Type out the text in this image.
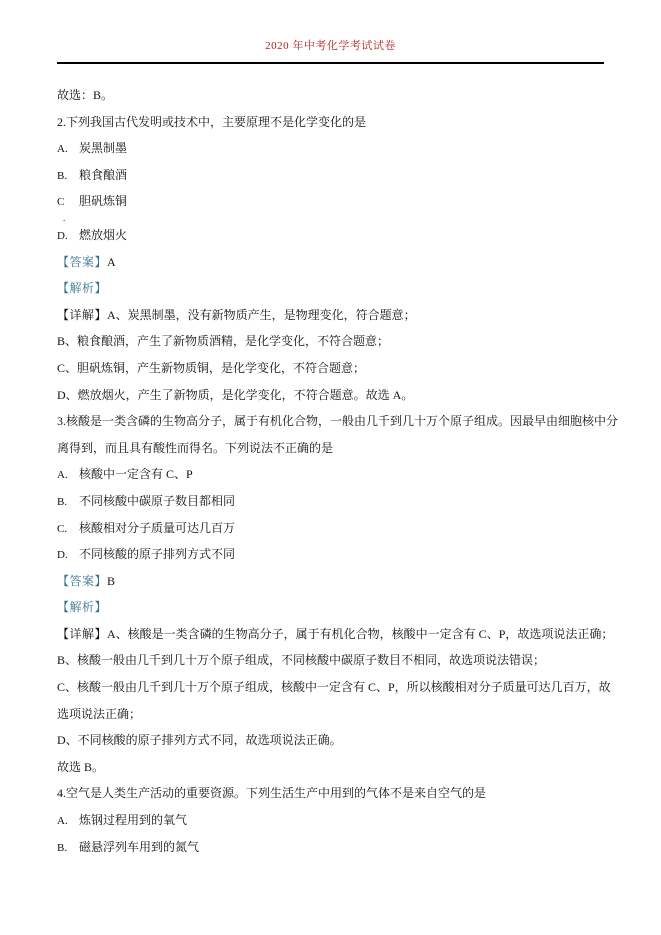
2020 年中考化学考试试卷
故选：B。
2.下列我国古代发明或技术中，主要原理不是化学变化的是
A. 炭黑制墨
B. 粮食酿酒
C 胆矾炼铜
.
D. 燃放烟火
【答案】A
【解析】
【详解】A、炭黑制墨，没有新物质产生，是物理变化，符合题意；
B、粮食酿酒，产生了新物质酒精，是化学变化，不符合题意；
C、胆矾炼铜，产生新物质铜，是化学变化，不符合题意；
D、燃放烟火，产生了新物质，是化学变化，不符合题意。故选 A。
3.核酸是一类含磷的生物高分子，属于有机化合物，一般由几千到几十万个原子组成。因最早由细胞核中分
离得到，而且具有酸性而得名。下列说法不正确的是
A. 核酸中一定含有 C、P
B. 不同核酸中碳原子数目都相同
C. 核酸相对分子质量可达几百万
D. 不同核酸的原子排列方式不同
【答案】B
【解析】
【详解】A、核酸是一类含磷的生物高分子，属于有机化合物，核酸中一定含有 C、P，故选项说法正确；
B、核酸一般由几千到几十万个原子组成，不同核酸中碳原子数目不相同，故选项说法错误；
C、核酸一般由几千到几十万个原子组成，核酸中一定含有 C、P，所以核酸相对分子质量可达几百万，故
选项说法正确；
D、不同核酸的原子排列方式不同，故选项说法正确。
故选 B。
4.空气是人类生产活动的重要资源。下列生活生产中用到的气体不是来自空气的是
A. 炼钢过程用到的氧气
B. 磁悬浮列车用到的氮气
